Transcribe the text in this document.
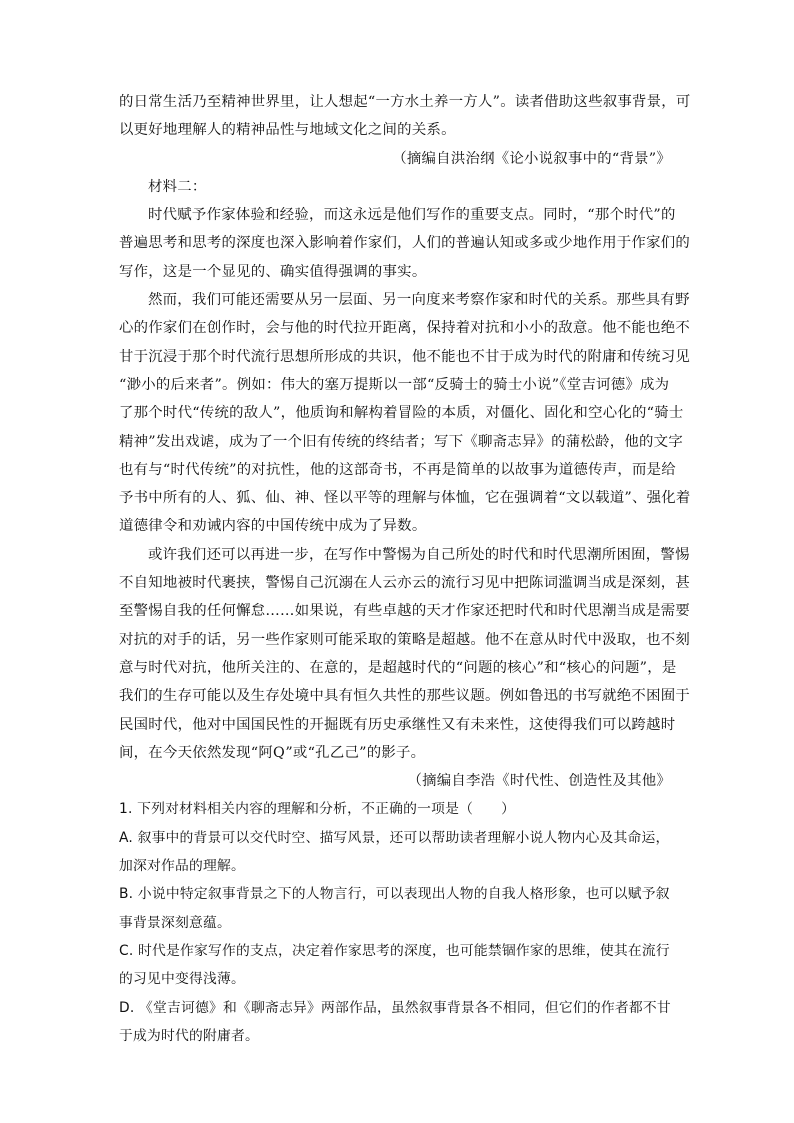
的日常生活乃至精神世界里，让人想起“一方水土养一方人”。读者借助这些叙事背景，可
以更好地理解人的精神品性与地域文化之间的关系。
（摘编自洪治纲《论小说叙事中的“背景”》
材料二：
时代赋予作家体验和经验，而这永远是他们写作的重要支点。同时，“那个时代”的
普遍思考和思考的深度也深入影响着作家们，人们的普遍认知或多或少地作用于作家们的
写作，这是一个显见的、确实值得强调的事实。
然而，我们可能还需要从另一层面、另一向度来考察作家和时代的关系。那些具有野
心的作家们在创作时，会与他的时代拉开距离，保持着对抗和小小的敌意。他不能也绝不
甘于沉浸于那个时代流行思想所形成的共识，他不能也不甘于成为时代的附庸和传统习见
“渺小的后来者”。例如：伟大的塞万提斯以一部“反骑士的骑士小说”《堂吉诃德》成为
了那个时代“传统的敌人”，他质询和解构着冒险的本质，对僵化、固化和空心化的“骑士
精神”发出戏谑，成为了一个旧有传统的终结者；写下《聊斋志异》的蒲松龄，他的文字
也有与“时代传统”的对抗性，他的这部奇书，不再是简单的以故事为道德传声，而是给
予书中所有的人、狐、仙、神、怪以平等的理解与体恤，它在强调着“文以载道”、强化着
道德律令和劝诫内容的中国传统中成为了异数。
或许我们还可以再进一步，在写作中警惕为自己所处的时代和时代思潮所困囿，警惕
不自知地被时代裹挟，警惕自己沉溺在人云亦云的流行习见中把陈词滥调当成是深刻，甚
至警惕自我的任何懈怠……如果说，有些卓越的天才作家还把时代和时代思潮当成是需要
对抗的对手的话，另一些作家则可能采取的策略是超越。他不在意从时代中汲取，也不刻
意与时代对抗，他所关注的、在意的，是超越时代的“问题的核心”和“核心的问题”，是
我们的生存可能以及生存处境中具有恒久共性的那些议题。例如鲁迅的书写就绝不困囿于
民国时代，他对中国国民性的开掘既有历史承继性又有未来性，这使得我们可以跨越时
间，在今天依然发现“阿Q”或“孔乙己”的影子。
（摘编自李浩《时代性、创造性及其他》
1. 下列对材料相关内容的理解和分析，不正确的一项是（　　）
A. 叙事中的背景可以交代时空、描写风景，还可以帮助读者理解小说人物内心及其命运，
加深对作品的理解。
B. 小说中特定叙事背景之下的人物言行，可以表现出人物的自我人格形象，也可以赋予叙
事背景深刻意蕴。
C. 时代是作家写作的支点，决定着作家思考的深度，也可能禁锢作家的思维，使其在流行
的习见中变得浅薄。
D. 《堂吉诃德》和《聊斋志异》两部作品，虽然叙事背景各不相同，但它们的作者都不甘
于成为时代的附庸者。
